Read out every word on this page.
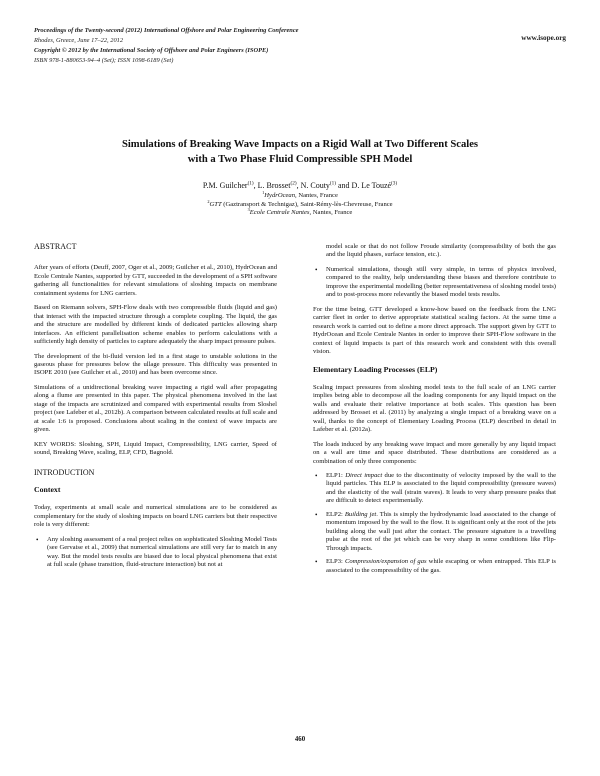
Proceedings of the Twenty-second (2012) International Offshore and Polar Engineering Conference
Rhodes, Greece, June 17–22, 2012
Copyright © 2012 by the International Society of Offshore and Polar Engineers (ISOPE)
ISBN 978-1-880653-94–4 (Set); ISSN 1098-6189 (Set)
www.isope.org
Simulations of Breaking Wave Impacts on a Rigid Wall at Two Different Scales
with a Two Phase Fluid Compressible SPH Model
P.M. Guilcher$^{(1)}$, L. Brosset$^{(2)}$, N. Couty$^{(1)}$ and D. Le Touzé$^{(3)}$
$^1$HydrOcean, Nantes, France
$^2$GTT (Gaztransport & Technigaz), Saint-Rémy-lès-Chevreuse, France
$^3$Ecole Centrale Nantes, Nantes, France
ABSTRACT

After years of efforts (Deuff, 2007, Oger et al., 2009; Guilcher et al., 2010), HydrOcean and Ecole Centrale Nantes, supported by GTT, succeeded in the development of a SPH software gathering all functionalities for relevant simulations of sloshing impacts on membrane containment systems for LNG carriers.

Based on Riemann solvers, SPH-Flow deals with two compressible fluids (liquid and gas) that interact with the impacted structure through a complete coupling. The liquid, the gas and the structure are modelled by different kinds of dedicated particles allowing sharp interfaces. An efficient parallelisation scheme enables to perform calculations with a sufficiently high density of particles to capture adequately the sharp impact pressure pulses.

The development of the bi-fluid version led in a first stage to unstable solutions in the gaseous phase for pressures below the ullage pressure. This difficulty was presented in ISOPE 2010 (see Guilcher et al., 2010) and has been overcome since.

Simulations of a unidirectional breaking wave impacting a rigid wall after propagating along a flume are presented in this paper. The physical phenomena involved in the last stage of the impacts are scrutinized and compared with experimental results from Sloshel project (see Lafeber et al., 2012b). A comparison between calculated results at full scale and at scale 1:6 is proposed. Conclusions about scaling in the context of wave impacts are given.

KEY WORDS: Sloshing, SPH, Liquid Impact, Compressibility, LNG carrier, Speed of sound, Breaking Wave, scaling, ELP, CFD, Bagnold.

INTRODUCTION
Context

Today, experiments at small scale and numerical simulations are to be considered as complementary for the study of sloshing impacts on board LNG carriers but their respective role is very different:

• Any sloshing assessment of a real project relies on sophisticated Sloshing Model Tests (see Gervaise et al., 2009) that numerical simulations are still very far to match in any way. But the model tests results are biased due to local physical phenomena that exist at full scale (phase transition, fluid-structure interaction) but not at

model scale or that do not follow Froude similarity (compressibility of both the gas and the liquid phases, surface tension, etc.).

• Numerical simulations, though still very simple, in terms of physics involved, compared to the reality, help understanding these biases and therefore contribute to improve the experimental modelling (better representativeness of sloshing model tests) and to post-process more relevantly the biased model tests results.

For the time being, GTT developed a know-how based on the feedback from the LNG carrier fleet in order to derive appropriate statistical scaling factors. At the same time a research work is carried out to define a more direct approach. The support given by GTT to HydrOcean and Ecole Centrale Nantes in order to improve their SPH-Flow software in the context of liquid impacts is part of this research work and consistent with this overall vision.

Elementary Loading Processes (ELP)

Scaling impact pressures from sloshing model tests to the full scale of an LNG carrier implies being able to decompose all the loading components for any liquid impact on the walls and evaluate their relative importance at both scales. This question has been addressed by Brosset et al. (2011) by analyzing a single impact of a breaking wave on a wall, thanks to the concept of Elementary Loading Process (ELP) described in detail in Lafeber et al. (2012a).

The loads induced by any breaking wave impact and more generally by any liquid impact on a wall are time and space distributed. These distributions are considered as a combination of only three components:

• ELP1: Direct impact due to the discontinuity of velocity imposed by the wall to the liquid particles. This ELP is associated to the liquid compressibility (pressure waves) and the elasticity of the wall (strain waves). It leads to very sharp pressure peaks that are difficult to detect experimentally.
• ELP2: Building jet. This is simply the hydrodynamic load associated to the change of momentum imposed by the wall to the flow. It is significant only at the root of the jets building along the wall just after the contact. The pressure signature is a travelling pulse at the root of the jet which can be very sharp in some conditions like Flip-Through impacts.
• ELP3: Compression/expansion of gas while escaping or when entrapped. This ELP is associated to the compressibility of the gas.
460
